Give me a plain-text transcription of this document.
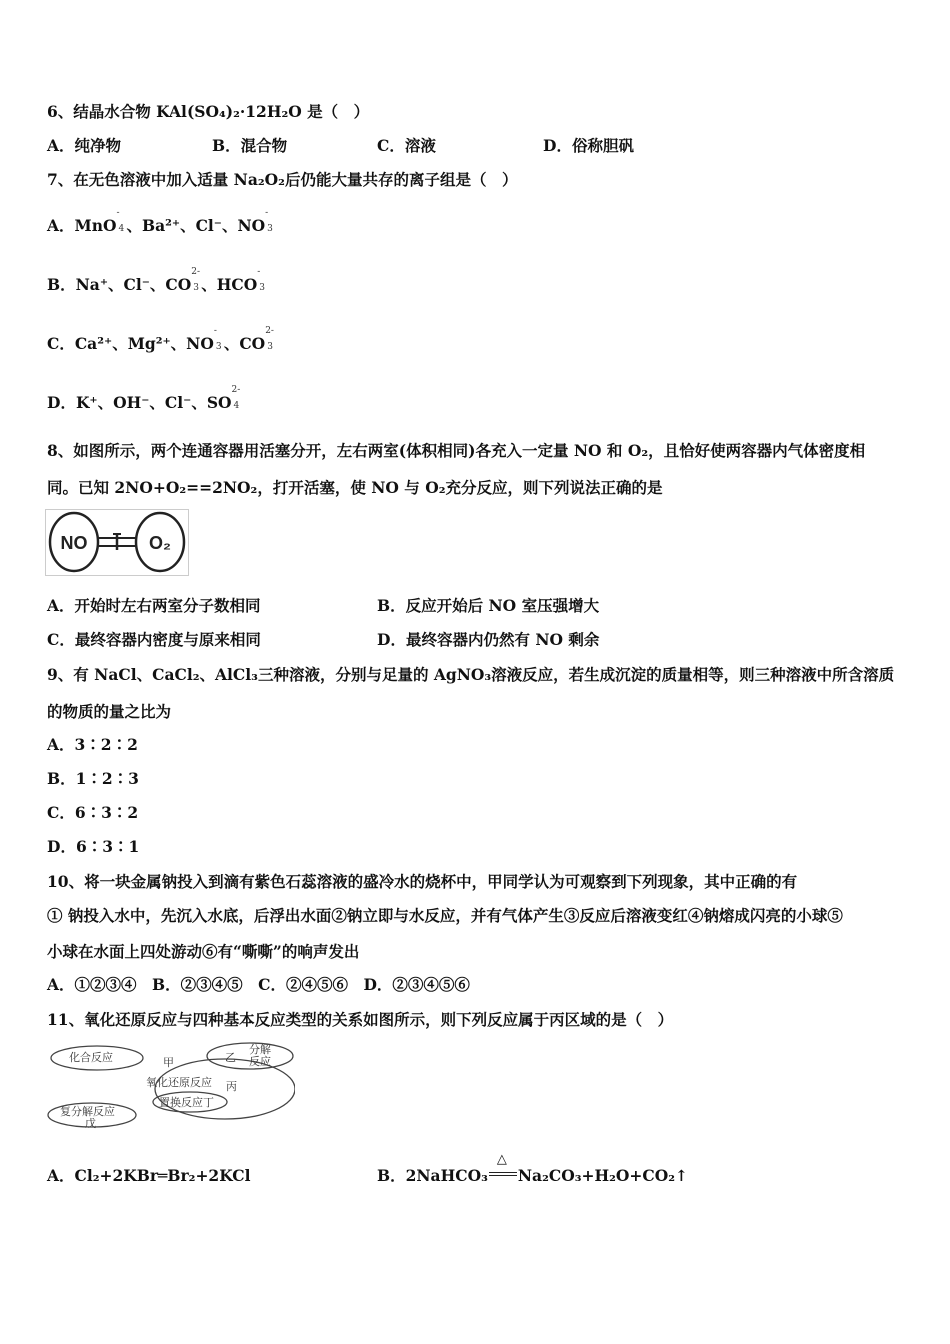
6、结晶水合物 KAl(SO₄)₂·12H₂O 是（　）
A．纯净物	B．混合物	C．溶液	D．俗称胆矾
7、在无色溶液中加入适量 Na₂O₂后仍能大量共存的离子组是（　）
A．MnO
-
4 、Ba²⁺、Cl⁻、NO
-
3
B．Na⁺、Cl⁻、CO
2-
3 、HCO
-
3
C．Ca²⁺、Mg²⁺、NO
-
3 、CO
2-
3
D．K⁺、OH⁻、Cl⁻、SO
2-
4
8、如图所示，两个连通容器用活塞分开，左右两室(体积相同)各充入一定量 NO 和 O₂，且恰好使两容器内气体密度相
同。已知 2NO+O₂==2NO₂，打开活塞，使 NO 与 O₂充分反应，则下列说法正确的是
NO	O₂
A．开始时左右两室分子数相同	B．反应开始后 NO 室压强增大
C．最终容器内密度与原来相同	D．最终容器内仍然有 NO 剩余
9、有 NaCl、CaCl₂、AlCl₃三种溶液，分别与足量的 AgNO₃溶液反应，若生成沉淀的质量相等，则三种溶液中所含溶质
的物质的量之比为
A．3∶2∶2
B．1∶2∶3
C．6∶3∶2
D．6∶3∶1
10、将一块金属钠投入到滴有紫色石蕊溶液的盛冷水的烧杯中，甲同学认为可观察到下列现象，其中正确的有
① 钠投入水中，先沉入水底，后浮出水面②钠立即与水反应，并有气体产生③反应后溶液变红④钠熔成闪亮的小球⑤
小球在水面上四处游动⑥有“嘶嘶”的响声发出
A．①②③④　B．②③④⑤　C．②④⑤⑥　D．②③④⑤⑥
11、氧化还原反应与四种基本反应类型的关系如图所示，则下列反应属于丙区域的是（　）
化合反应	甲	乙
分解
反应
氧化还原反应 丙
置换反应丁
复分解反应
戊
A．Cl₂+2KBr═Br₂+2KCl	B．2NaHCO₃
△
Na₂CO₃+H₂O+CO₂↑
